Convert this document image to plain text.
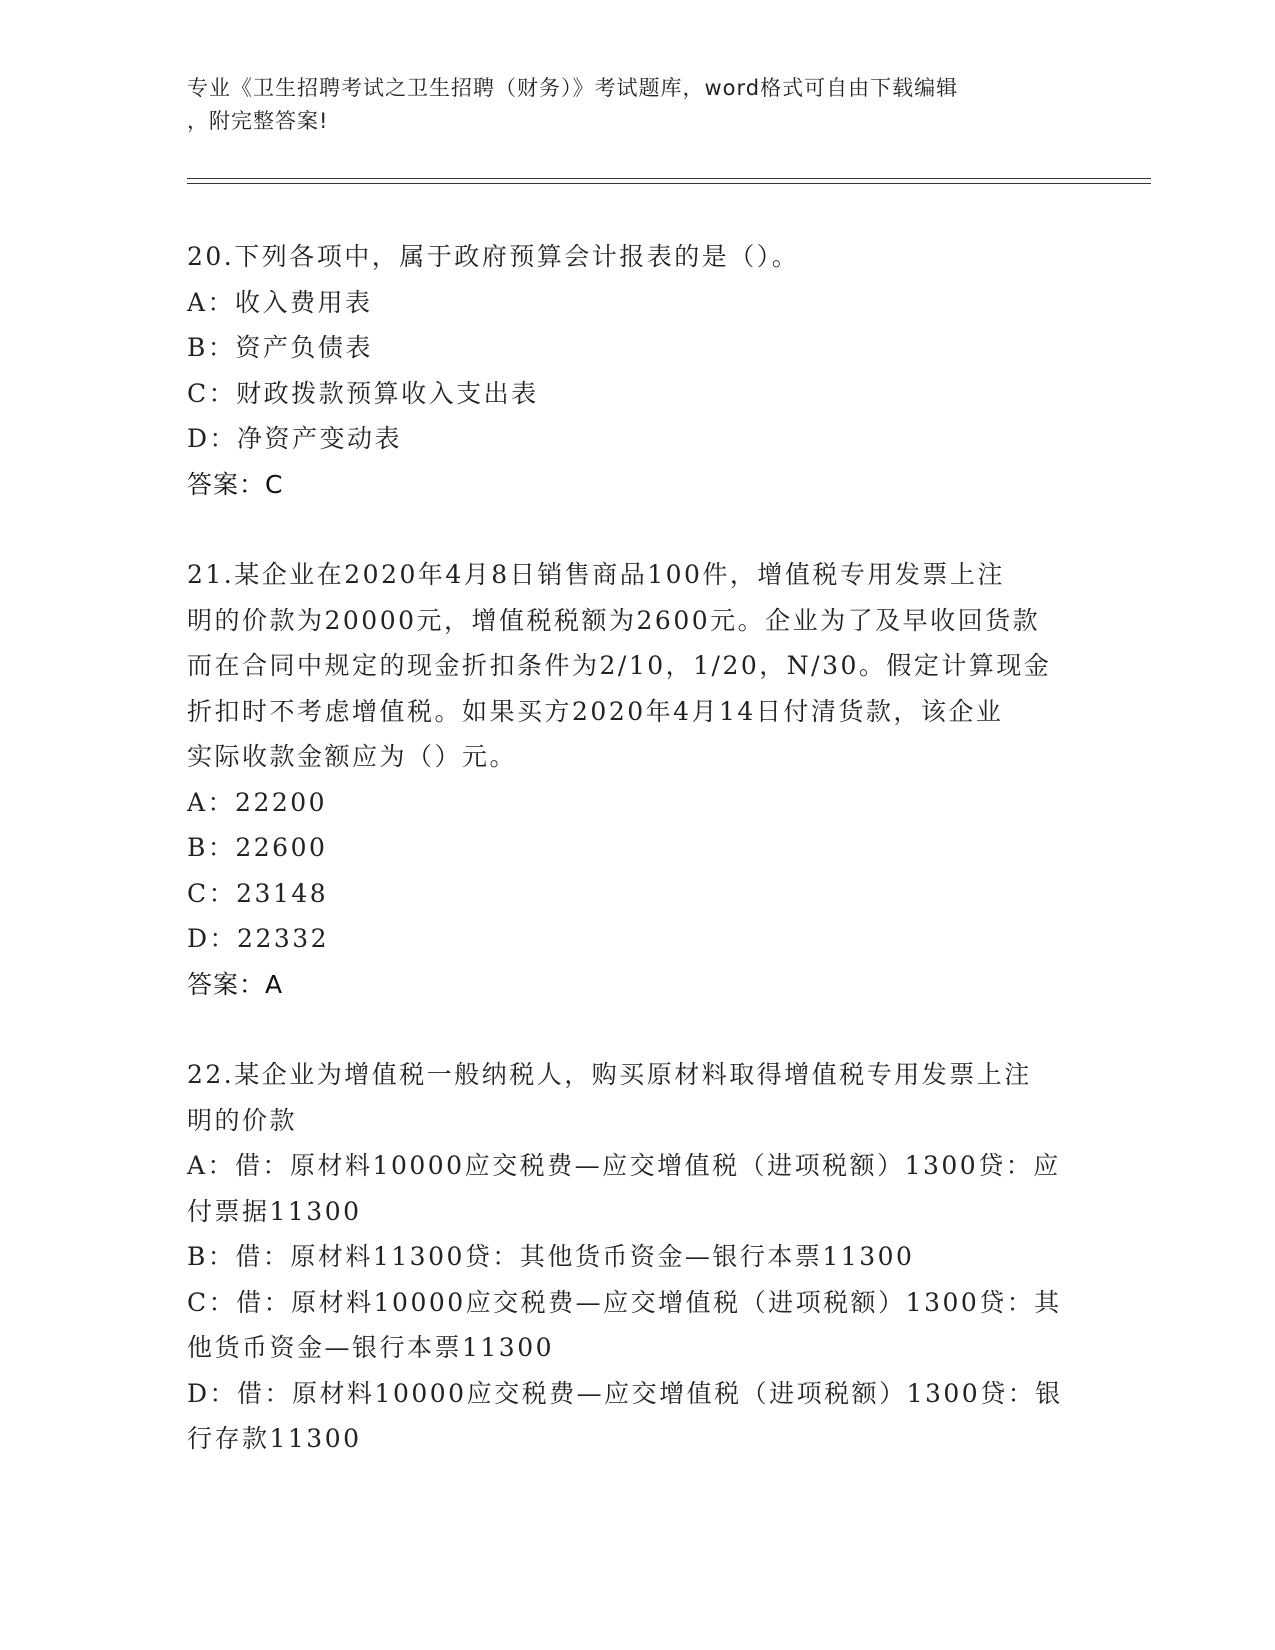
专业《卫生招聘考试之卫生招聘（财务）》考试题库，word格式可自由下载编辑
，附完整答案!
20.下列各项中，属于政府预算会计报表的是（）。
A：收入费用表
B：资产负债表
C：财政拨款预算收入支出表
D：净资产变动表
答案：C
21.某企业在2020年4月8日销售商品100件，增值税专用发票上注
明的价款为20000元，增值税税额为2600元。企业为了及早收回货款
而在合同中规定的现金折扣条件为2/10，1/20，N/30。假定计算现金
折扣时不考虑增值税。如果买方2020年4月14日付清货款，该企业
实际收款金额应为（）元。
A：22200
B：22600
C：23148
D：22332
答案：A
22.某企业为增值税一般纳税人，购买原材料取得增值税专用发票上注
明的价款
A：借：原材料10000应交税费—应交增值税（进项税额）1300贷：应
付票据11300
B：借：原材料11300贷：其他货币资金—银行本票11300
C：借：原材料10000应交税费—应交增值税（进项税额）1300贷：其
他货币资金—银行本票11300
D：借：原材料10000应交税费—应交增值税（进项税额）1300贷：银
行存款11300
